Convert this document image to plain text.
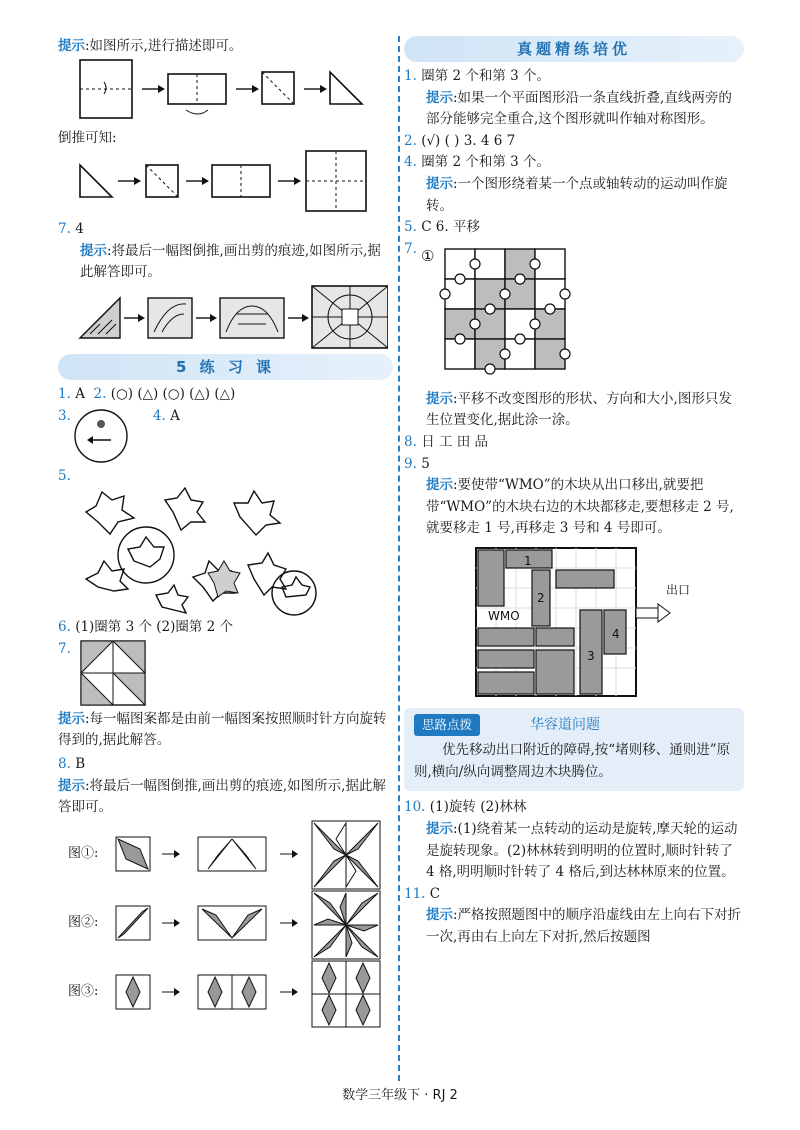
提示:如图所示,进行描述即可。
倒推可知:
7. 4
提示:将最后一幅图倒推,画出剪的痕迹,如图所示,据此解答即可。
5 练 习 课
1. A 2. (○) (△) (○) (△) (△)
3.	4. A
5.
6. (1)圈第 3 个 (2)圈第 2 个
7.
提示:每一幅图案都是由前一幅图案按照顺时针方向旋转得到的,据此解答。
8. B
提示:将最后一幅图倒推,画出剪的痕迹,如图所示,据此解答即可。
图①:
图②:
图③:
真题精练培优
1. 圈第 2 个和第 3 个。
提示:如果一个平面图形沿一条直线折叠,直线两旁的部分能够完全重合,这个图形就叫作轴对称图形。
2. (√) ( ) 3. 4 6 7
4. 圈第 2 个和第 3 个。
提示:一个图形绕着某一个点或轴转动的运动叫作旋转。
5. C 6. 平移
7. ①
提示:平移不改变图形的形状、方向和大小,图形只发生位置变化,据此涂一涂。
8. 日 工 田 品
9. 5
提示:要使带“WMO”的木块从出口移出,就要把带“WMO”的木块右边的木块都移走,要想移走 2 号,就要移走 1 号,再移走 3 号和 4 号即可。
1
2
WMO
3
4
出口
思路点拨	华容道问题
优先移动出口附近的障碍,按“堵则移、通则进”原则,横向/纵向调整周边木块腾位。
10. (1)旋转 (2)林林
提示:(1)绕着某一点转动的运动是旋转,摩天轮的运动是旋转现象。(2)林林转到明明的位置时,顺时针转了 4 格,明明顺时针转了 4 格后,到达林林原来的位置。
11. C
提示:严格按照题图中的顺序沿虚线由左上向右下对折一次,再由右上向左下对折,然后按题图
数学三年级下 · RJ 2
